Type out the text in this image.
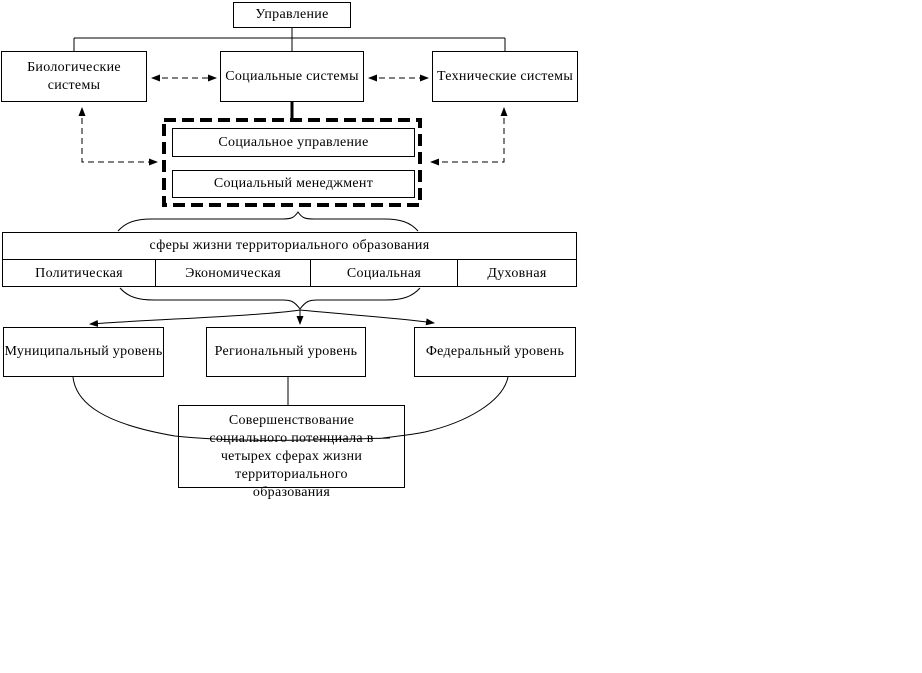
Управление
Биологические системы
Социальные системы	Технические системы
Социальное управление
Социальный менеджмент
сферы жизни территориального образования
Политическая	Экономическая	Социальная	Духовная
Муниципальный уровень	Региональный уровень	Федеральный уровень
Совершенствование
социального потенциала в
четырех сферах жизни
территориального
образования
